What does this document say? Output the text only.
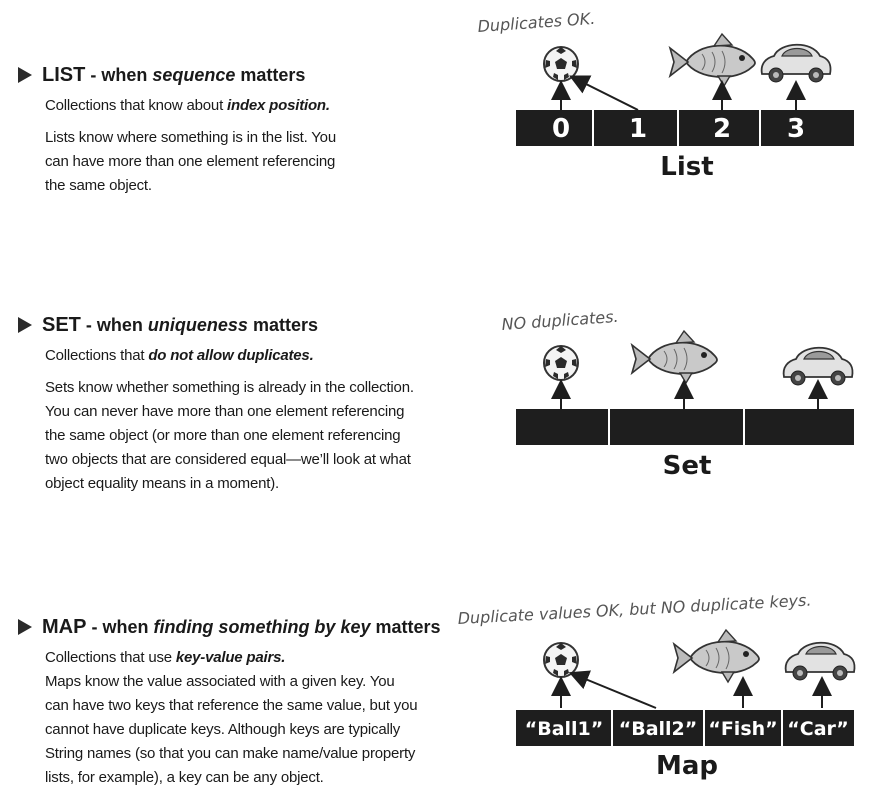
LIST - when sequence matters

Collections that know about index position.

Lists know where something is in the list. You

can have more than one element referencing

the same object.

Duplicates OK.
0 1	2 3
List
SET - when uniqueness matters

Collections that do not allow duplicates.

Sets know whether something is already in the collection.

You can never have more than one element referencing

the same object (or more than one element referencing

two objects that are considered equal—we’ll look at what

object equality means in a moment).

NO duplicates.
Set
MAP - when finding something by key matters

Collections that use key-value pairs.

Maps know the value associated with a given key. You

can have two keys that reference the same value, but you

cannot have duplicate keys. Although keys are typically

String names (so that you can make name/value property

lists, for example), a key can be any object.

Duplicate values OK, but NO duplicate keys.
“Ball1” “Ball2” “Fish” “Car”
Map
